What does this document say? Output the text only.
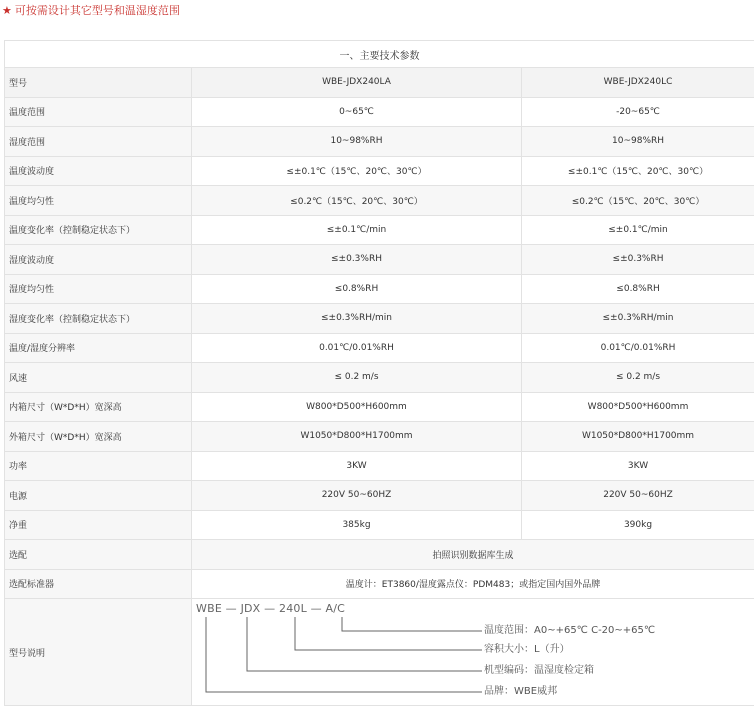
★ 可按需设计其它型号和温湿度范围
一、主要技术参数		
型号	WBE-JDX240LA	WBE-JDX240LC
温度范围	0~65℃	-20~65℃
湿度范围	10~98%RH	10~98%RH
温度波动度	≤±0.1℃（15℃、20℃、30℃）	≤±0.1℃（15℃、20℃、30℃）
温度均匀性	≤0.2℃（15℃、20℃、30℃）	≤0.2℃（15℃、20℃、30℃）
温度变化率（控制稳定状态下）	≤±0.1℃/min	≤±0.1℃/min
湿度波动度	≤±0.3%RH	≤±0.3%RH
湿度均匀性	≤0.8%RH	≤0.8%RH
湿度变化率（控制稳定状态下）	≤±0.3%RH/min	≤±0.3%RH/min
温度/湿度分辨率	0.01℃/0.01%RH	0.01℃/0.01%RH
风速	≤ 0.2 m/s	≤ 0.2 m/s
内箱尺寸（W*D*H）宽深高	W800*D500*H600mm	W800*D500*H600mm
外箱尺寸（W*D*H）宽深高	W1050*D800*H1700mm	W1050*D800*H1700mm
功率	3KW	3KW
电源	220V 50~60HZ	220V 50~60HZ
净重	385kg	390kg
选配	拍照识别数据库生成	
选配标准器	温度计：ET3860/湿度露点仪：PDM483；或指定国内国外品牌	
型号说明	WBE — JDX — 240L — A/C
温度范围：A0~+65℃ C-20~+65℃
容积大小：L（升）
机型编码：温湿度检定箱
品牌：WBE威邦	
